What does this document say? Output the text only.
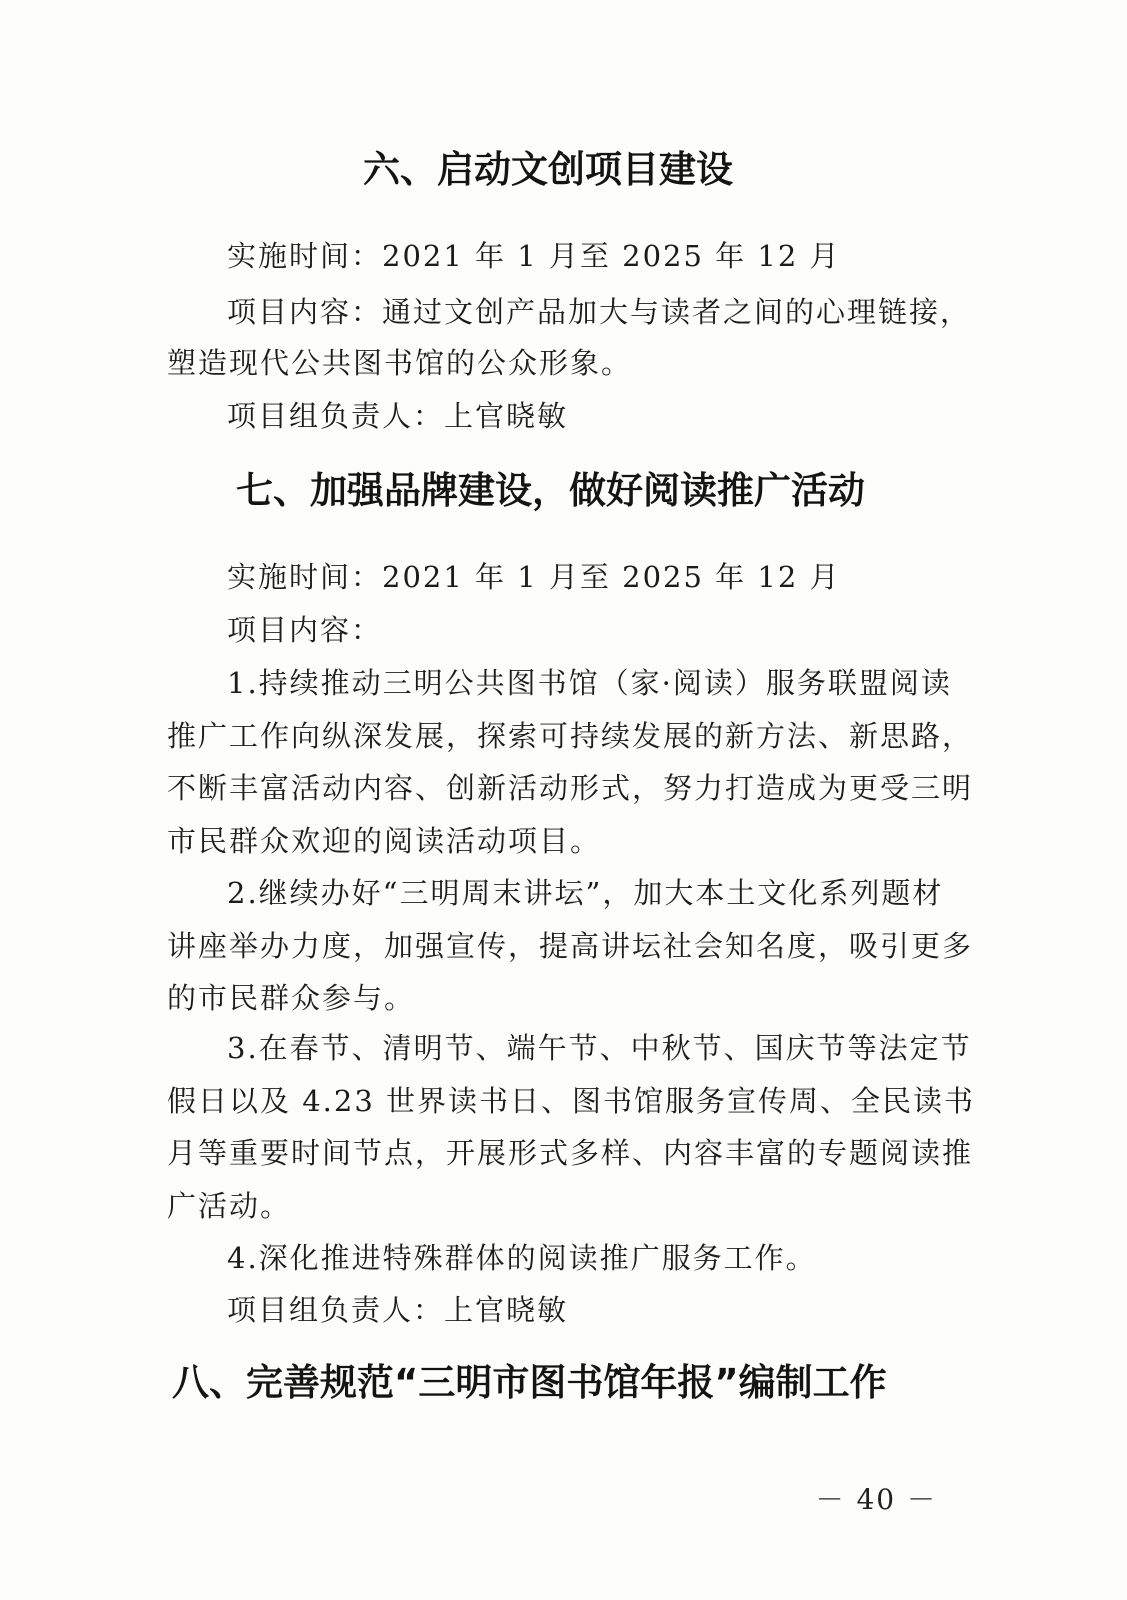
六、启动文创项目建设

实施时间：2021 年 1 月至 2025 年 12 月

项目内容：通过文创产品加大与读者之间的心理链接，

塑造现代公共图书馆的公众形象。

项目组负责人：上官晓敏

七、加强品牌建设，做好阅读推广活动

实施时间：2021 年 1 月至 2025 年 12 月

项目内容：

1.持续推动三明公共图书馆（家·阅读）服务联盟阅读

推广工作向纵深发展，探索可持续发展的新方法、新思路，

不断丰富活动内容、创新活动形式，努力打造成为更受三明

市民群众欢迎的阅读活动项目。

2.继续办好“三明周末讲坛”，加大本土文化系列题材

讲座举办力度，加强宣传，提高讲坛社会知名度，吸引更多

的市民群众参与。

3.在春节、清明节、端午节、中秋节、国庆节等法定节

假日以及 4.23 世界读书日、图书馆服务宣传周、全民读书

月等重要时间节点，开展形式多样、内容丰富的专题阅读推

广活动。

4.深化推进特殊群体的阅读推广服务工作。

项目组负责人：上官晓敏

八、完善规范“三明市图书馆年报”编制工作
－ 40 －
